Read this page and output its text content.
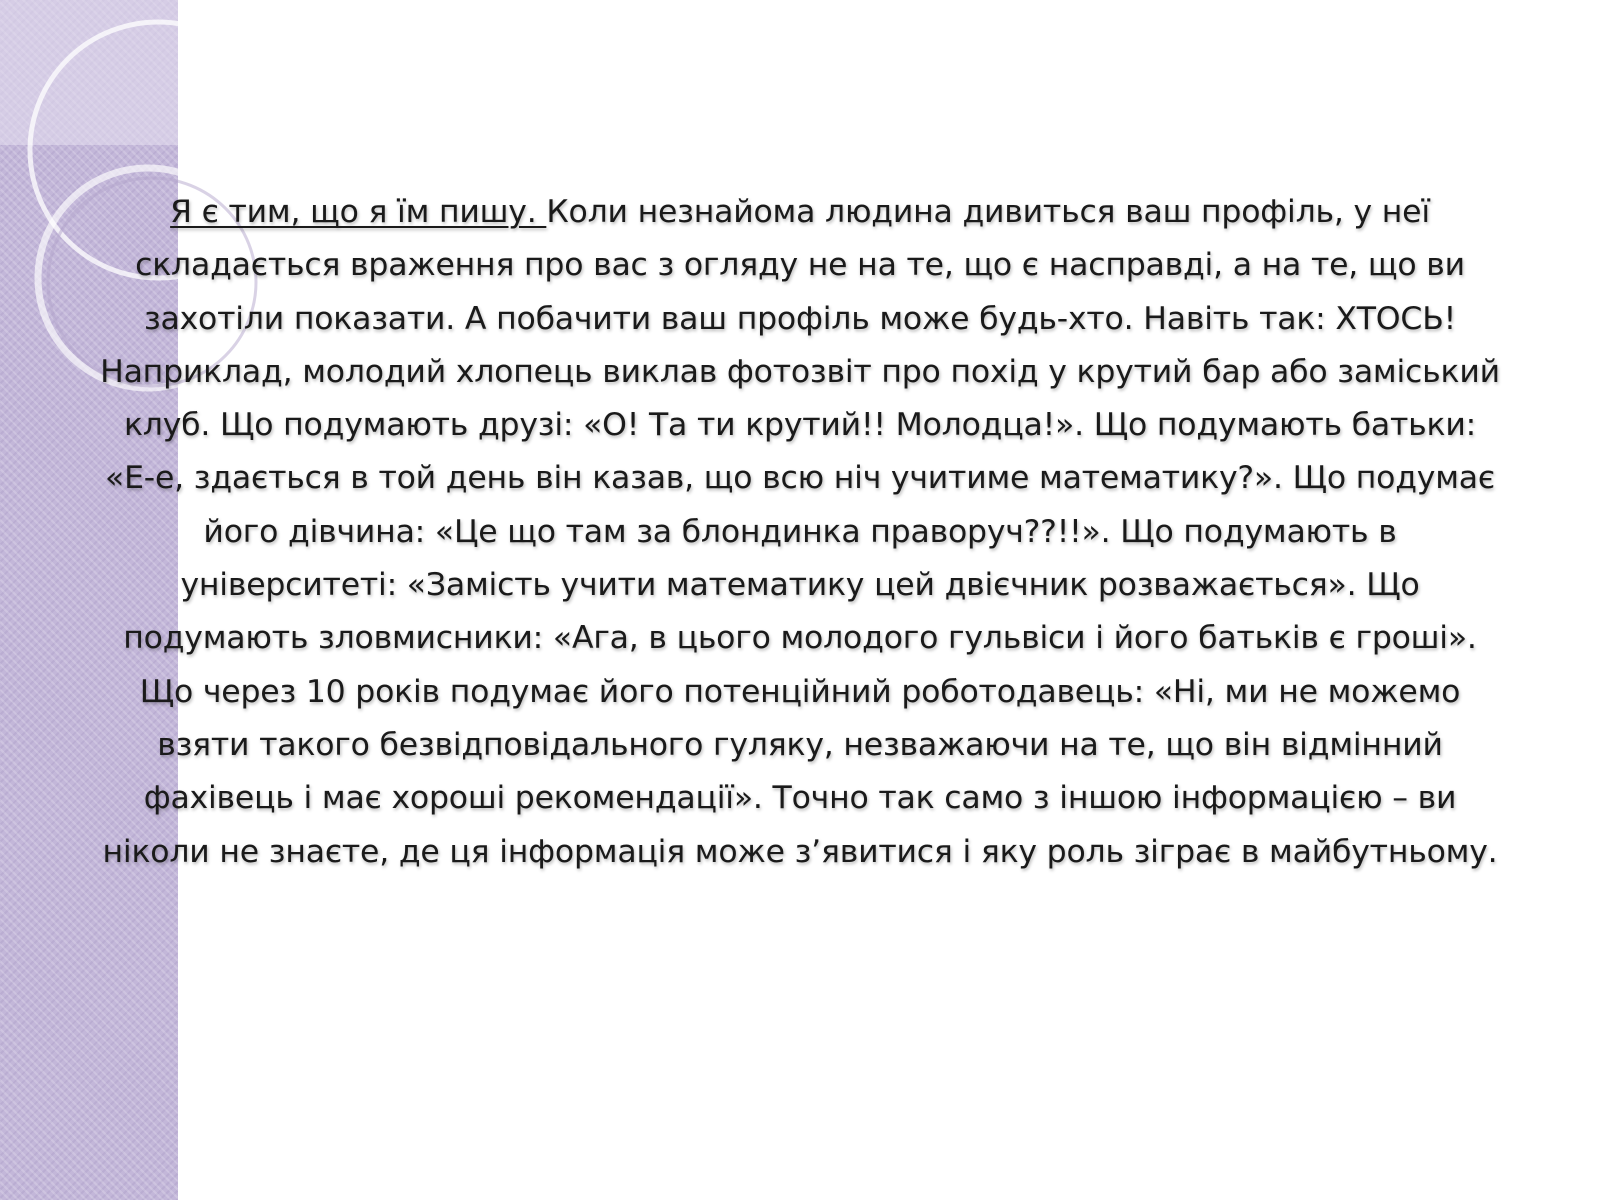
Я є тим, що я їм пишу. Коли незнайома людина дивиться ваш профіль, у неї складається враження про вас з огляду не на те, що є насправді, а на те, що ви захотіли показати. А побачити ваш профіль може будь-хто. Навіть так: ХТОСЬ! Наприклад, молодий хлопець виклав фотозвіт про похід у крутий бар або заміський клуб. Що подумають друзі: «О! Та ти крутий!! Молодца!». Що подумають батьки: «Е-е, здається в той день він казав, що всю ніч учитиме математику?». Що подумає його дівчина: «Це що там за блондинка праворуч??!!». Що подумають в університеті: «Замість учити математику цей двієчник розважається». Що подумають зловмисники: «Ага, в цього молодого гульвіси і його батьків є гроші». Що через 10 років подумає його потенційний роботодавець: «Ні, ми не можемо взяти такого безвідповідального гуляку, незважаючи на те, що він відмінний фахівець і має хороші рекомендації». Точно так само з іншою інформацією – ви ніколи не знаєте, де ця інформація може з’явитися і яку роль зіграє в майбутньому.
